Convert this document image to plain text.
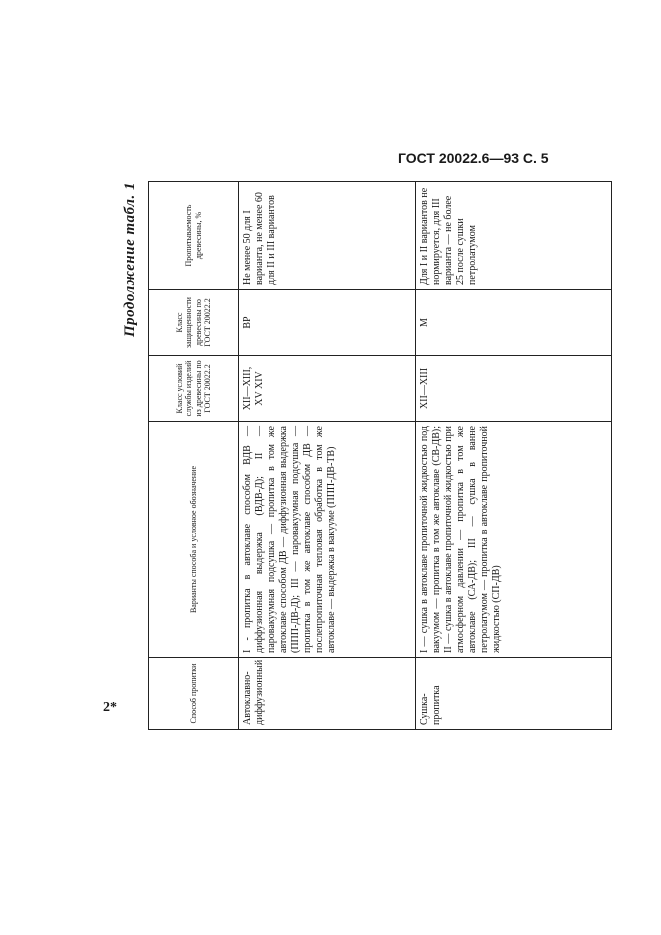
ГОСТ 20022.6—93 С. 5
2*
Продолжение табл. 1
Способ пропитки	Варианты способа и условное обозначение	Класс условий службы изделий из древесины по ГОСТ 20022.2	Класс защищенности древесины по ГОСТ 20022.2	Пропитываемость древесины, %
Автоклавно-диффузионный	I - пропитка в автоклаве способом ВДВ — диффузионная выдержка (ВДВ-Д); II — паровакуумная подсушка — пропитка в том же автоклаве способом ДВ — диффузионная выдержка (ППП-ДВ-Д); III — паровакуумная подсушка — пропитка в том же автоклаве способом ДВ — послепропиточная тепловая обработка в том же автоклаве — выдержка в вакууме (ППП-ДВ-ТВ)	XII—XIII, XV XIV	ВР	Не менее 50 для I варианта, не менее 60 для II и III вариантов
Сушка-пропитка	I — сушка в автоклаве пропиточной жидкостью под вакуумом — пропитка в том же автоклаве (СВ-ДВ); II — сушка в автоклаве пропиточной жидкостью при атмосферном давлении — пропитка в том же автоклаве (СА-ДВ); III — сушка в ванне петролатумом — пропитка в автоклаве пропиточной жидкостью (СП-ДВ)	XII—XIII	М	Для I и II вариантов не нормируется, для III варианта — не более 25 после сушки петролатумом
